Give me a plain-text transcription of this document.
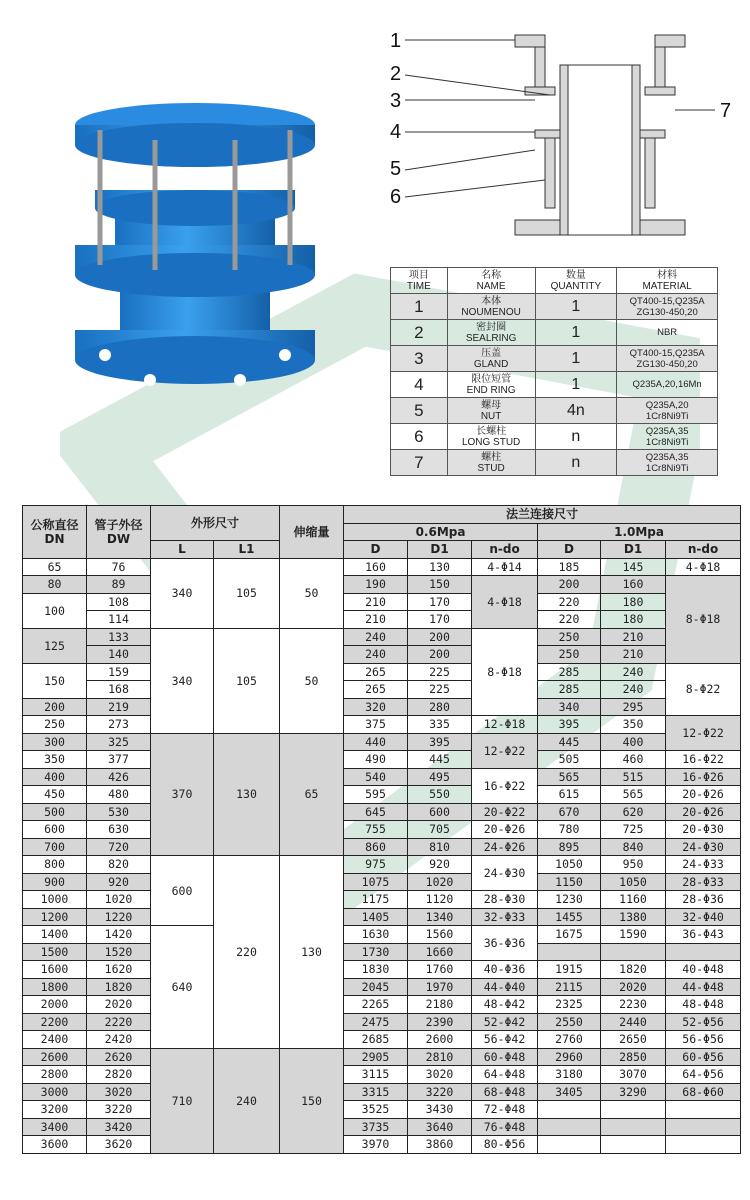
1
2
3
4
5
6
7
项目
TIME	名称
NAME	数量
QUANTITY	材料
MATERIAL
1	本体
NOUMENOU	1	QT400-15,Q235A
ZG130-450,20
2	密封圈
SEALRING	1	NBR
3	压盖
GLAND	1	QT400-15,Q235A
ZG130-450,20
4	限位短管
END RING	1	Q235A,20,16Mn
5	螺母
NUT	4n	Q235A,20
1Cr8Ni9Ti
6	长螺柱
LONG STUD	n	Q235A,35
1Cr8Ni9Ti
7	螺柱
STUD	n	Q235A,35
1Cr8Ni9Ti
公称直径
DN	管子外径
DW	外形尺寸		伸缩量	法兰连接尺寸					
					0.6Mpa			1.0Mpa		
		L	L1		D	D1	n-do	D	D1	n-do
65	76	340	105	50	160	130	4-Φ14	185	145	4-Φ18
80	89				190	150	4-Φ18	200	160	8-Φ18
100	108				210	170		220	180	
	114				210	170		220	180	
125	133	340	105	50	240	200	8-Φ18	250	210	
	140				240	200		250	210	
150	159				265	225		285	240	8-Φ22
	168				265	225		285	240	
200	219				320	280		340	295	
250	273				375	335	12-Φ18	395	350	12-Φ22
300	325	370	130	65	440	395	12-Φ22	445	400	
350	377				490	445		505	460	16-Φ22
400	426				540	495	16-Φ22	565	515	16-Φ26
450	480				595	550		615	565	20-Φ26
500	530				645	600	20-Φ22	670	620	20-Φ26
600	630				755	705	20-Φ26	780	725	20-Φ30
700	720				860	810	24-Φ26	895	840	24-Φ30
800	820	600	220	130	975	920	24-Φ30	1050	950	24-Φ33
900	920				1075	1020		1150	1050	28-Φ33
1000	1020				1175	1120	28-Φ30	1230	1160	28-Φ36
1200	1220				1405	1340	32-Φ33	1455	1380	32-Φ40
1400	1420	640			1630	1560	36-Φ36	1675	1590	36-Φ43
1500	1520				1730	1660				
1600	1620				1830	1760	40-Φ36	1915	1820	40-Φ48
1800	1820				2045	1970	44-Φ40	2115	2020	44-Φ48
2000	2020				2265	2180	48-Φ42	2325	2230	48-Φ48
2200	2220				2475	2390	52-Φ42	2550	2440	52-Φ56
2400	2420				2685	2600	56-Φ42	2760	2650	56-Φ56
2600	2620	710	240	150	2905	2810	60-Φ48	2960	2850	60-Φ56
2800	2820				3115	3020	64-Φ48	3180	3070	64-Φ56
3000	3020				3315	3220	68-Φ48	3405	3290	68-Φ60
3200	3220				3525	3430	72-Φ48			
3400	3420				3735	3640	76-Φ48			
3600	3620				3970	3860	80-Φ56			
